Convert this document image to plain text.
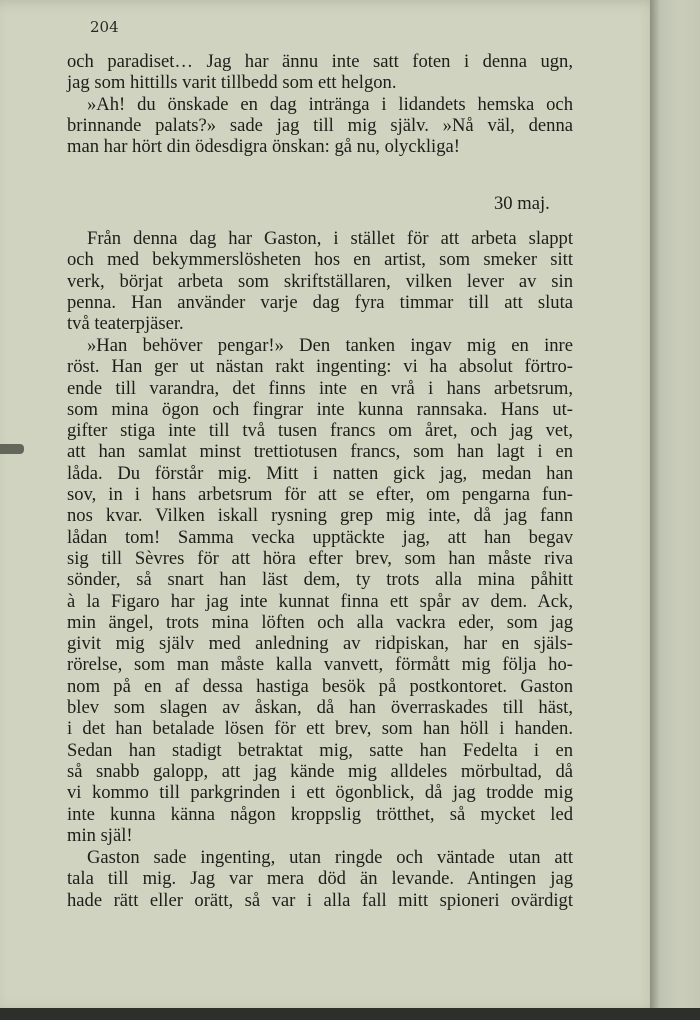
204
och paradiset… Jag har ännu inte satt foten i denna ugn,
jag som hittills varit tillbedd som ett helgon.
»Ah! du önskade en dag intränga i lidandets hemska och
brinnande palats?» sade jag till mig själv. »Nå väl, denna
man har hört din ödesdigra önskan: gå nu, olyckliga!
30 maj.
Från denna dag har Gaston, i stället för att arbeta slappt
och med bekymmerslösheten hos en artist, som smeker sitt
verk, börjat arbeta som skriftställaren, vilken lever av sin
penna. Han använder varje dag fyra timmar till att sluta
två teaterpjäser.
»Han behöver pengar!» Den tanken ingav mig en inre
röst. Han ger ut nästan rakt ingenting: vi ha absolut förtro-
ende till varandra, det finns inte en vrå i hans arbetsrum,
som mina ögon och fingrar inte kunna rannsaka. Hans ut-
gifter stiga inte till två tusen francs om året, och jag vet,
att han samlat minst trettiotusen francs, som han lagt i en
låda. Du förstår mig. Mitt i natten gick jag, medan han
sov, in i hans arbetsrum för att se efter, om pengarna fun-
nos kvar. Vilken iskall rysning grep mig inte, då jag fann
lådan tom! Samma vecka upptäckte jag, att han begav
sig till Sèvres för att höra efter brev, som han måste riva
sönder, så snart han läst dem, ty trots alla mina påhitt
à la Figaro har jag inte kunnat finna ett spår av dem. Ack,
min ängel, trots mina löften och alla vackra eder, som jag
givit mig själv med anledning av ridpiskan, har en själs-
rörelse, som man måste kalla vanvett, förmått mig följa ho-
nom på en af dessa hastiga besök på postkontoret. Gaston
blev som slagen av åskan, då han överraskades till häst,
i det han betalade lösen för ett brev, som han höll i handen.
Sedan han stadigt betraktat mig, satte han Fedelta i en
så snabb galopp, att jag kände mig alldeles mörbultad, då
vi kommo till parkgrinden i ett ögonblick, då jag trodde mig
inte kunna känna någon kroppslig trötthet, så mycket led
min själ!
Gaston sade ingenting, utan ringde och väntade utan att
tala till mig. Jag var mera död än levande. Antingen jag
hade rätt eller orätt, så var i alla fall mitt spioneri ovärdigt
